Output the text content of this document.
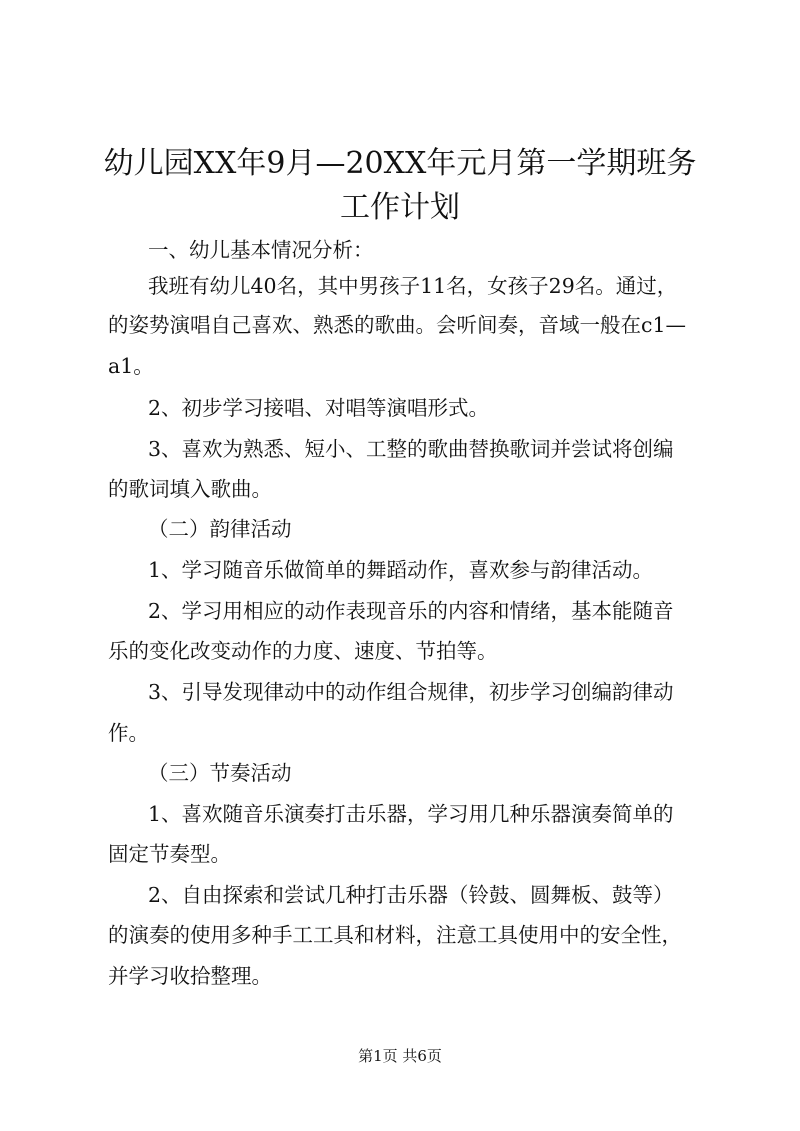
幼儿园XX年9月—20XX年元月第一学期班务
工作计划
一、幼儿基本情况分析：
我班有幼儿40名，其中男孩子11名，女孩子29名。通过，
的姿势演唱自己喜欢、熟悉的歌曲。会听间奏，音域一般在c1—
a1。
2、初步学习接唱、对唱等演唱形式。
3、喜欢为熟悉、短小、工整的歌曲替换歌词并尝试将创编
的歌词填入歌曲。
（二）韵律活动
1、学习随音乐做简单的舞蹈动作，喜欢参与韵律活动。
2、学习用相应的动作表现音乐的内容和情绪，基本能随音
乐的变化改变动作的力度、速度、节拍等。
3、引导发现律动中的动作组合规律，初步学习创编韵律动
作。
（三）节奏活动
1、喜欢随音乐演奏打击乐器，学习用几种乐器演奏简单的
固定节奏型。
2、自由探索和尝试几种打击乐器（铃鼓、圆舞板、鼓等）
的演奏的使用多种手工工具和材料，注意工具使用中的安全性，
并学习收拾整理。
第1页 共6页
